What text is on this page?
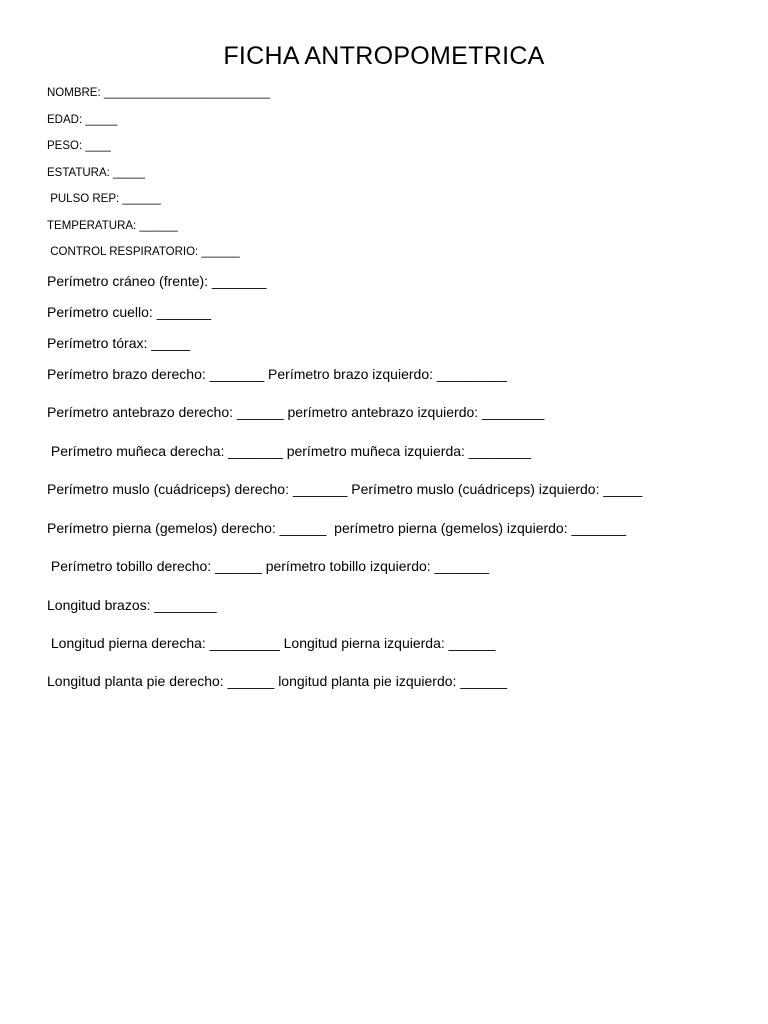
FICHA ANTROPOMETRICA
NOMBRE: __________________________
EDAD: _____
PESO: ____
ESTATURA: _____
PULSO REP: ______
TEMPERATURA: ______
CONTROL RESPIRATORIO: ______
Perímetro cráneo (frente): _______
Perímetro cuello: _______
Perímetro tórax: _____
Perímetro brazo derecho: _______ Perímetro brazo izquierdo: _________
Perímetro antebrazo derecho: ______ perímetro antebrazo izquierdo: ________
Perímetro muñeca derecha: _______ perímetro muñeca izquierda: ________
Perímetro muslo (cuádriceps) derecho: _______ Perímetro muslo (cuádriceps) izquierdo: _____
Perímetro pierna (gemelos) derecho: ______  perímetro pierna (gemelos) izquierdo: _______
Perímetro tobillo derecho: ______ perímetro tobillo izquierdo: _______
Longitud brazos: ________
Longitud pierna derecha: _________ Longitud pierna izquierda: ______
Longitud planta pie derecho: ______ longitud planta pie izquierdo: ______
